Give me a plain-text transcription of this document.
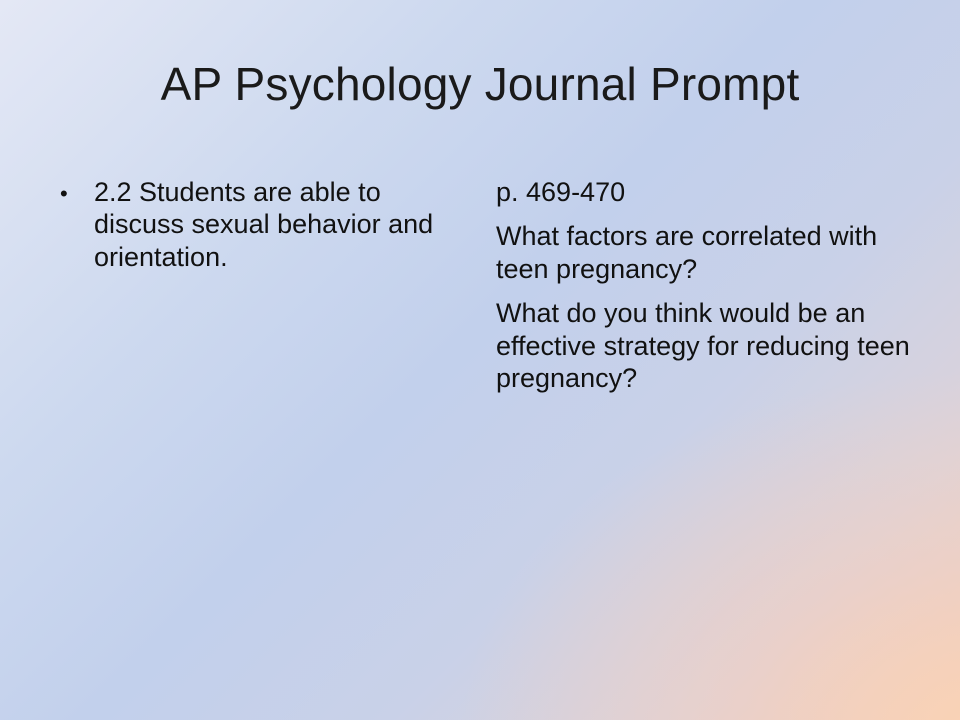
AP Psychology Journal Prompt
• 2.2 Students are able to discuss sexual behavior and orientation.

p. 469-470

What factors are correlated with teen pregnancy?

What do you think would be an effective strategy for reducing teen pregnancy?
